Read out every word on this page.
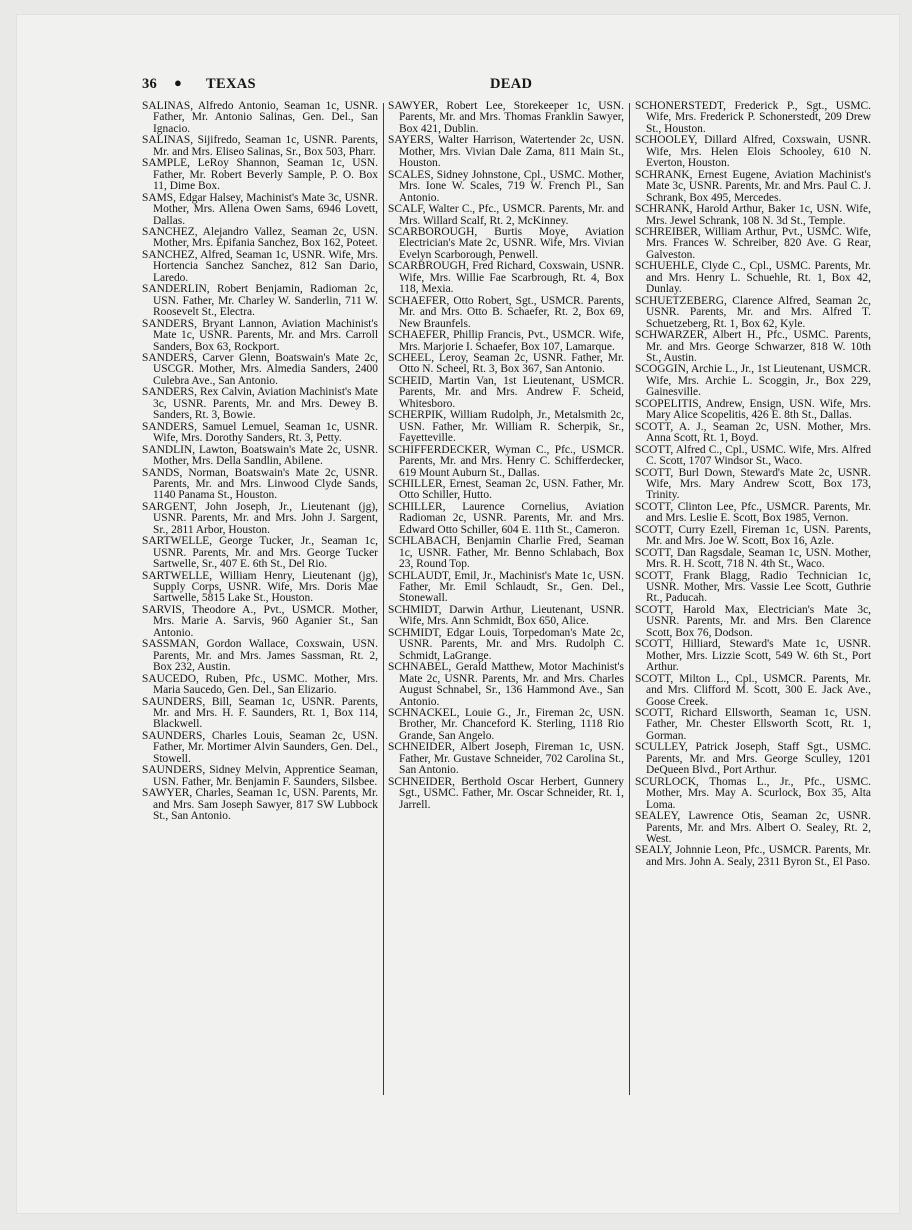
36 ● TEXAS	DEAD

SALINAS, Alfredo Antonio, Seaman 1c, USNR. Father, Mr. Antonio Salinas, Gen. Del., San Ignacio.

SALINAS, Sijifredo, Seaman 1c, USNR. Parents, Mr. and Mrs. Eliseo Salinas, Sr., Box 503, Pharr.

SAMPLE, LeRoy Shannon, Seaman 1c, USN. Father, Mr. Robert Beverly Sample, P. O. Box 11, Dime Box.

SAMS, Edgar Halsey, Machinist's Mate 3c, USNR. Mother, Mrs. Allena Owen Sams, 6946 Lovett, Dallas.

SANCHEZ, Alejandro Vallez, Seaman 2c, USN. Mother, Mrs. Epifania Sanchez, Box 162, Poteet.

SANCHEZ, Alfred, Seaman 1c, USNR. Wife, Mrs. Hortencia Sanchez Sanchez, 812 San Dario, Laredo.

SANDERLIN, Robert Benjamin, Radioman 2c, USN. Father, Mr. Charley W. Sanderlin, 711 W. Roosevelt St., Electra.

SANDERS, Bryant Lannon, Aviation Machinist's Mate 1c, USNR. Parents, Mr. and Mrs. Carroll Sanders, Box 63, Rockport.

SANDERS, Carver Glenn, Boatswain's Mate 2c, USCGR. Mother, Mrs. Almedia Sanders, 2400 Culebra Ave., San Antonio.

SANDERS, Rex Calvin, Aviation Machinist's Mate 3c, USNR. Parents, Mr. and Mrs. Dewey B. Sanders, Rt. 3, Bowie.

SANDERS, Samuel Lemuel, Seaman 1c, USNR. Wife, Mrs. Dorothy Sanders, Rt. 3, Petty.

SANDLIN, Lawton, Boatswain's Mate 2c, USNR. Mother, Mrs. Della Sandlin, Abilene.

SANDS, Norman, Boatswain's Mate 2c, USNR. Parents, Mr. and Mrs. Linwood Clyde Sands, 1140 Panama St., Houston.

SARGENT, John Joseph, Jr., Lieutenant (jg), USNR. Parents, Mr. and Mrs. John J. Sargent, Sr., 2811 Arbor, Houston.

SARTWELLE, George Tucker, Jr., Seaman 1c, USNR. Parents, Mr. and Mrs. George Tucker Sartwelle, Sr., 407 E. 6th St., Del Rio.

SARTWELLE, William Henry, Lieutenant (jg), Supply Corps, USNR. Wife, Mrs. Doris Mae Sartwelle, 5815 Lake St., Houston.

SARVIS, Theodore A., Pvt., USMCR. Mother, Mrs. Marie A. Sarvis, 960 Aganier St., San Antonio.

SASSMAN, Gordon Wallace, Coxswain, USN. Parents, Mr. and Mrs. James Sassman, Rt. 2, Box 232, Austin.

SAUCEDO, Ruben, Pfc., USMC. Mother, Mrs. Maria Saucedo, Gen. Del., San Elizario.

SAUNDERS, Bill, Seaman 1c, USNR. Parents, Mr. and Mrs. H. F. Saunders, Rt. 1, Box 114, Blackwell.

SAUNDERS, Charles Louis, Seaman 2c, USN. Father, Mr. Mortimer Alvin Saunders, Gen. Del., Stowell.

SAUNDERS, Sidney Melvin, Apprentice Seaman, USN. Father, Mr. Benjamin F. Saunders, Silsbee.

SAWYER, Charles, Seaman 1c, USN. Parents, Mr. and Mrs. Sam Joseph Sawyer, 817 SW Lubbock St., San Antonio.

SAWYER, Robert Lee, Storekeeper 1c, USN. Parents, Mr. and Mrs. Thomas Franklin Sawyer, Box 421, Dublin.

SAYERS, Walter Harrison, Watertender 2c, USN. Mother, Mrs. Vivian Dale Zama, 811 Main St., Houston.

SCALES, Sidney Johnstone, Cpl., USMC. Mother, Mrs. Ione W. Scales, 719 W. French Pl., San Antonio.

SCALF, Walter C., Pfc., USMCR. Parents, Mr. and Mrs. Willard Scalf, Rt. 2, McKinney.

SCARBOROUGH, Burtis Moye, Aviation Electrician's Mate 2c, USNR. Wife, Mrs. Vivian Evelyn Scarborough, Penwell.

SCARBROUGH, Fred Richard, Coxswain, USNR. Wife, Mrs. Willie Fae Scarbrough, Rt. 4, Box 118, Mexia.

SCHAEFER, Otto Robert, Sgt., USMCR. Parents, Mr. and Mrs. Otto B. Schaefer, Rt. 2, Box 69, New Braunfels.

SCHAEFER, Phillip Francis, Pvt., USMCR. Wife, Mrs. Marjorie I. Schaefer, Box 107, Lamarque.

SCHEEL, Leroy, Seaman 2c, USNR. Father, Mr. Otto N. Scheel, Rt. 3, Box 367, San Antonio.

SCHEID, Martin Van, 1st Lieutenant, USMCR. Parents, Mr. and Mrs. Andrew F. Scheid, Whitesboro.

SCHERPIK, William Rudolph, Jr., Metalsmith 2c, USN. Father, Mr. William R. Scherpik, Sr., Fayetteville.

SCHIFFERDECKER, Wyman C., Pfc., USMCR. Parents, Mr. and Mrs. Henry C. Schifferdecker, 619 Mount Auburn St., Dallas.

SCHILLER, Ernest, Seaman 2c, USN. Father, Mr. Otto Schiller, Hutto.

SCHILLER, Laurence Cornelius, Aviation Radioman 2c, USNR. Parents, Mr. and Mrs. Edward Otto Schiller, 604 E. 11th St., Cameron.

SCHLABACH, Benjamin Charlie Fred, Seaman 1c, USNR. Father, Mr. Benno Schlabach, Box 23, Round Top.

SCHLAUDT, Emil, Jr., Machinist's Mate 1c, USN. Father, Mr. Emil Schlaudt, Sr., Gen. Del., Stonewall.

SCHMIDT, Darwin Arthur, Lieutenant, USNR. Wife, Mrs. Ann Schmidt, Box 650, Alice.

SCHMIDT, Edgar Louis, Torpedoman's Mate 2c, USNR. Parents, Mr. and Mrs. Rudolph C. Schmidt, LaGrange.

SCHNABEL, Gerald Matthew, Motor Machinist's Mate 2c, USNR. Parents, Mr. and Mrs. Charles August Schnabel, Sr., 136 Hammond Ave., San Antonio.

SCHNACKEL, Louie G., Jr., Fireman 2c, USN. Brother, Mr. Chanceford K. Sterling, 1118 Rio Grande, San Angelo.

SCHNEIDER, Albert Joseph, Fireman 1c, USN. Father, Mr. Gustave Schneider, 702 Carolina St., San Antonio.

SCHNEIDER, Berthold Oscar Herbert, Gunnery Sgt., USMC. Father, Mr. Oscar Schneider, Rt. 1, Jarrell.

SCHONERSTEDT, Frederick P., Sgt., USMC. Wife, Mrs. Frederick P. Schonerstedt, 209 Drew St., Houston.

SCHOOLEY, Dillard Alfred, Coxswain, USNR. Wife, Mrs. Helen Elois Schooley, 610 N. Everton, Houston.

SCHRANK, Ernest Eugene, Aviation Machinist's Mate 3c, USNR. Parents, Mr. and Mrs. Paul C. J. Schrank, Box 495, Mercedes.

SCHRANK, Harold Arthur, Baker 1c, USN. Wife, Mrs. Jewel Schrank, 108 N. 3d St., Temple.

SCHREIBER, William Arthur, Pvt., USMC. Wife, Mrs. Frances W. Schreiber, 820 Ave. G Rear, Galveston.

SCHUEHLE, Clyde C., Cpl., USMC. Parents, Mr. and Mrs. Henry L. Schuehle, Rt. 1, Box 42, Dunlay.

SCHUETZEBERG, Clarence Alfred, Seaman 2c, USNR. Parents, Mr. and Mrs. Alfred T. Schuetzeberg, Rt. 1, Box 62, Kyle.

SCHWARZER, Albert H., Pfc., USMC. Parents, Mr. and Mrs. George Schwarzer, 818 W. 10th St., Austin.

SCOGGIN, Archie L., Jr., 1st Lieutenant, USMCR. Wife, Mrs. Archie L. Scoggin, Jr., Box 229, Gainesville.

SCOPELITIS, Andrew, Ensign, USN. Wife, Mrs. Mary Alice Scopelitis, 426 E. 8th St., Dallas.

SCOTT, A. J., Seaman 2c, USN. Mother, Mrs. Anna Scott, Rt. 1, Boyd.

SCOTT, Alfred C., Cpl., USMC. Wife, Mrs. Alfred C. Scott, 1707 Windsor St., Waco.

SCOTT, Burl Down, Steward's Mate 2c, USNR. Wife, Mrs. Mary Andrew Scott, Box 173, Trinity.

SCOTT, Clinton Lee, Pfc., USMCR. Parents, Mr. and Mrs. Leslie E. Scott, Box 1985, Vernon.

SCOTT, Curry Ezell, Fireman 1c, USN. Parents, Mr. and Mrs. Joe W. Scott, Box 16, Azle.

SCOTT, Dan Ragsdale, Seaman 1c, USN. Mother, Mrs. R. H. Scott, 718 N. 4th St., Waco.

SCOTT, Frank Blagg, Radio Technician 1c, USNR. Mother, Mrs. Vassie Lee Scott, Guthrie Rt., Paducah.

SCOTT, Harold Max, Electrician's Mate 3c, USNR. Parents, Mr. and Mrs. Ben Clarence Scott, Box 76, Dodson.

SCOTT, Hilliard, Steward's Mate 1c, USNR. Mother, Mrs. Lizzie Scott, 549 W. 6th St., Port Arthur.

SCOTT, Milton L., Cpl., USMCR. Parents, Mr. and Mrs. Clifford M. Scott, 300 E. Jack Ave., Goose Creek.

SCOTT, Richard Ellsworth, Seaman 1c, USN. Father, Mr. Chester Ellsworth Scott, Rt. 1, Gorman.

SCULLEY, Patrick Joseph, Staff Sgt., USMC. Parents, Mr. and Mrs. George Sculley, 1201 DeQueen Blvd., Port Arthur.

SCURLOCK, Thomas L., Jr., Pfc., USMC. Mother, Mrs. May A. Scurlock, Box 35, Alta Loma.

SEALEY, Lawrence Otis, Seaman 2c, USNR. Parents, Mr. and Mrs. Albert O. Sealey, Rt. 2, West.

SEALY, Johnnie Leon, Pfc., USMCR. Parents, Mr. and Mrs. John A. Sealy, 2311 Byron St., El Paso.
